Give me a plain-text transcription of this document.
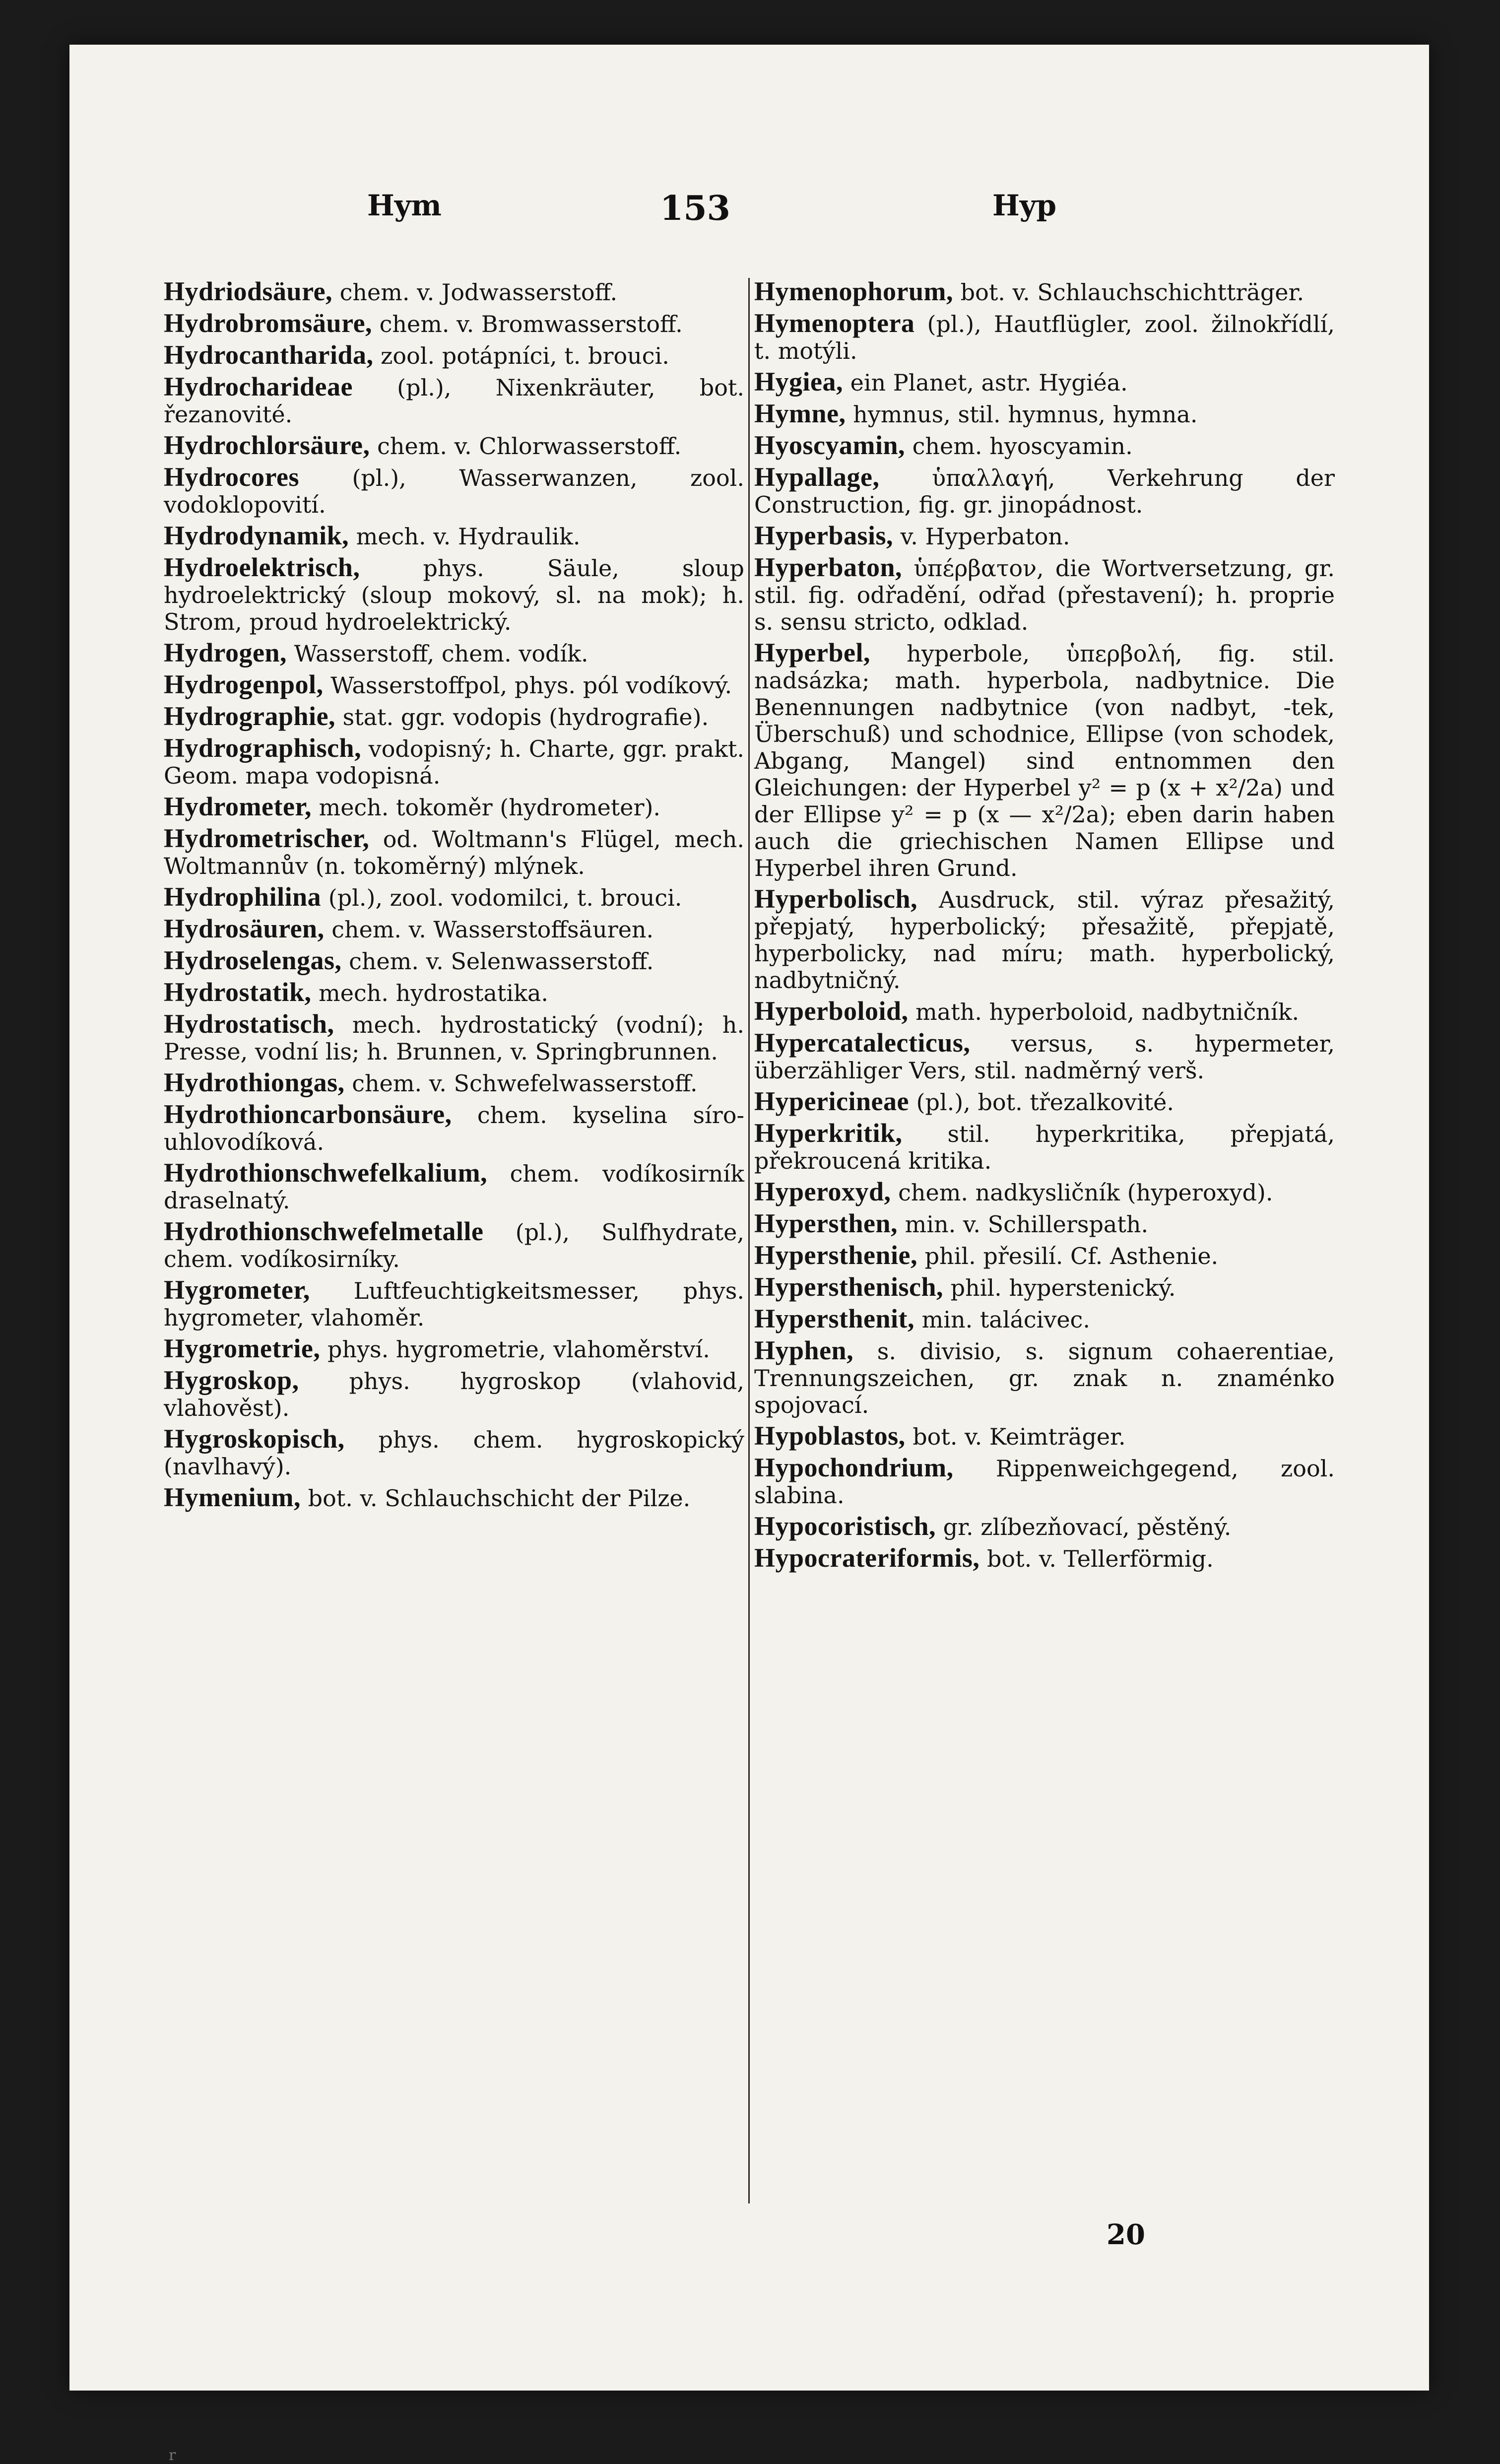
Hym	153	Hyp

Hydriodsäure, chem. v. Jodwasserstoff.

Hydrobromsäure, chem. v. Bromwasserstoff.

Hydrocantharida, zool. potápníci, t. brouci.

Hydrocharideae (pl.), Nixenkräuter, bot. řezanovité.

Hydrochlorsäure, chem. v. Chlorwasserstoff.

Hydrocores (pl.), Wasserwanzen, zool. vodoklopovití.

Hydrodynamik, mech. v. Hydraulik.

Hydroelektrisch,	phys. Säule, sloup hydroelektrický (sloup mokový, sl. na mok); h. Strom, proud hydroelektrický.

Hydrogen, Wasserstoff, chem. vodík.

Hydrogenpol, Wasserstoffpol, phys. pól vodíkový.

Hydrographie, stat. ggr. vodopis (hydrografie).

Hydrographisch, vodopisný; h. Charte, ggr. prakt. Geom. mapa vodopisná.

Hydrometer, mech. tokoměr (hydrometer).

Hydrometrischer, od. Woltmann's Flügel, mech. Woltmannův (n. tokoměrný) mlýnek.

Hydrophilina (pl.), zool. vodomilci, t. brouci.

Hydrosäuren, chem. v. Wasserstoffsäuren.

Hydroselengas, chem. v. Selenwasserstoff.

Hydrostatik, mech. hydrostatika.

Hydrostatisch, mech. hydrostatický (vodní); h. Presse, vodní lis; h. Brunnen, v. Springbrunnen.

Hydrothiongas, chem. v. Schwefelwasserstoff.

Hydrothioncarbonsäure, chem. kyselina síro-uhlovodíková.

Hydrothionschwefelkalium, chem. vodíkosirník draselnatý.

Hydrothionschwefelmetalle (pl.), Sulfhydrate, chem. vodíkosirníky.

Hygrometer, Luftfeuchtigkeitsmesser, phys. hygrometer, vlahoměr.

Hygrometrie, phys. hygrometrie, vlahoměrství.

Hygroskop, phys. hygroskop (vlahovid, vlahověst).

Hygroskopisch, phys. chem. hygroskopický (navlhavý).

Hymenium, bot. v. Schlauchschicht der Pilze.

Hymenophorum, bot. v. Schlauchschichtträger.

Hymenoptera (pl.), Hautflügler, zool. žilnokřídlí, t. motýli.

Hygiea, ein Planet, astr. Hygiéa.

Hymne, hymnus, stil. hymnus, hymna.

Hyoscyamin, chem. hyoscyamin.

Hypallage, ὑπαλλαγή, Verkehrung der Construction, fig. gr. jinopádnost.

Hyperbasis, v. Hyperbaton.

Hyperbaton, ὑπέρβατον, die Wortversetzung, gr. stil. fig. odřadění, odřad (přestavení); h. proprie s. sensu stricto, odklad.

Hyperbel, hyperbole, ὑπερβολή, fig. stil. nadsázka; math. hyperbola, nadbytnice. Die Benennungen nadbytnice (von nadbyt, -tek, Überschuß) und schodnice, Ellipse (von schodek, Abgang, Mangel) sind entnommen den Gleichungen: der Hyperbel y² = p (x + x²/2a) und der Ellipse y² = p (x — x²/2a); eben darin haben auch die griechischen Namen Ellipse und Hyperbel ihren Grund.

Hyperbolisch, Ausdruck, stil. výraz přesažitý, přepjatý, hyperbolický; přesažitě, přepjatě, hyperbolicky, nad míru; math. hyperbolický, nadbytničný.

Hyperboloid, math. hyperboloid, nadbytničník.

Hypercatalecticus, versus, s. hypermeter, überzähliger Vers, stil. nadměrný verš.

Hypericineae (pl.), bot. třezalkovité.

Hyperkritik, stil. hyperkritika, přepjatá, překroucená kritika.

Hyperoxyd, chem. nadkysličník (hyperoxyd).

Hypersthen, min. v. Schillerspath.

Hypersthenie, phil. přesilí. Cf. Asthenie.

Hypersthenisch, phil. hyperstenický.

Hypersthenit, min. talácivec.

Hyphen, s. divisio, s. signum cohaerentiae, Trennungszeichen, gr. znak n. znaménko spojovací.

Hypoblastos, bot. v. Keimträger.

Hypochondrium, Rippenweichgegend, zool. slabina.

Hypocoristisch, gr. zlíbezňovací, pěstěný.

Hypocrateriformis, bot. v. Tellerförmig.

20
r
